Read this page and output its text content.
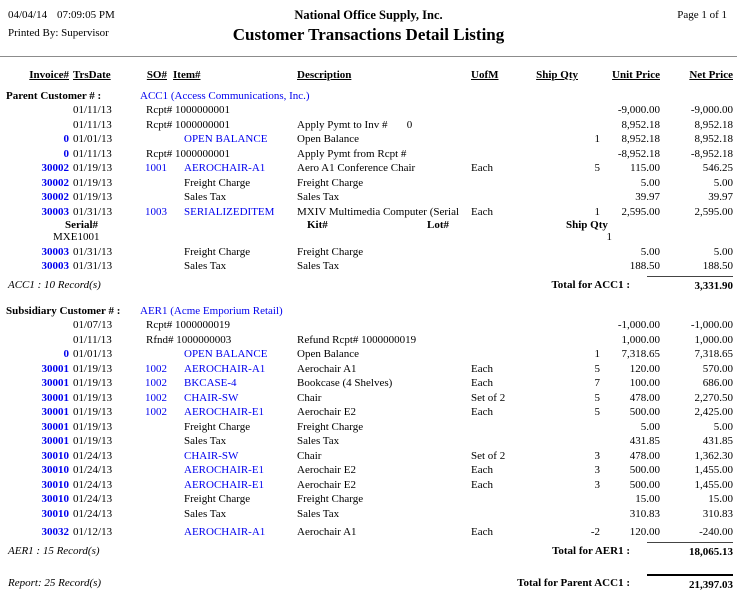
04/04/14 07:09:05 PM	National Office Supply, Inc.	Page 1 of 1
Printed By: Supervisor	Customer Transactions Detail Listing
Invoice# TrsDate	SO# Item#	Description	UofM	Ship Qty	Unit Price	Net Price
Parent Customer # :	ACC1 (Access Communications, Inc.)
01/11/13	Rcpt# 1000000001	-9,000.00	-9,000.00
01/11/13	Rcpt# 1000000001	Apply Pymt to Inv #       0	8,952.18	8,952.18
0 01/01/13	OPEN BALANCE	Open Balance	1	8,952.18	8,952.18
0 01/11/13	Rcpt# 1000000001	Apply Pymt from Rcpt #	-8,952.18	-8,952.18
30002 01/19/13	1001	AEROCHAIR-A1	Aero A1 Conference Chair	Each	5	115.00	546.25
30002 01/19/13	Freight Charge	Freight Charge	5.00	5.00
30002 01/19/13	Sales Tax	Sales Tax	39.97	39.97
30003 01/31/13	1003	SERIALIZEDITEM	MXIV Multimedia Computer (Serial	Each	1	2,595.00	2,595.00
Serial#	Kit#	Lot#	Ship Qty
MXE1001	1
30003 01/31/13	Freight Charge	Freight Charge	5.00	5.00
30003 01/31/13	Sales Tax	Sales Tax	188.50	188.50
ACC1 : 10 Record(s)	Total for ACC1 :	3,331.90
Subsidiary Customer # : AER1 (Acme Emporium Retail)
01/07/13	Rcpt# 1000000019	-1,000.00	-1,000.00
01/11/13	Rfnd# 1000000003	Refund Rcpt# 1000000019	1,000.00	1,000.00
0 01/01/13	OPEN BALANCE	Open Balance	1	7,318.65	7,318.65
30001 01/19/13	1002	AEROCHAIR-A1	Aerochair A1	Each	5	120.00	570.00
30001 01/19/13	1002	BKCASE-4	Bookcase (4 Shelves)	Each	7	100.00	686.00
30001 01/19/13	1002	CHAIR-SW	Chair	Set of 2	5	478.00	2,270.50
30001 01/19/13	1002	AEROCHAIR-E1	Aerochair E2	Each	5	500.00	2,425.00
30001 01/19/13	Freight Charge	Freight Charge	5.00	5.00
30001 01/19/13	Sales Tax	Sales Tax	431.85	431.85
30010 01/24/13	CHAIR-SW	Chair	Set of 2	3	478.00	1,362.30
30010 01/24/13	AEROCHAIR-E1	Aerochair E2	Each	3	500.00	1,455.00
30010 01/24/13	AEROCHAIR-E1	Aerochair E2	Each	3	500.00	1,455.00
30010 01/24/13	Freight Charge	Freight Charge	15.00	15.00
30010 01/24/13	Sales Tax	Sales Tax	310.83	310.83
30032 01/12/13	AEROCHAIR-A1	Aerochair A1	Each	-2	120.00	-240.00
AER1 : 15 Record(s)	Total for AER1 :	18,065.13
Report: 25 Record(s)	Total for Parent ACC1 :	21,397.03
